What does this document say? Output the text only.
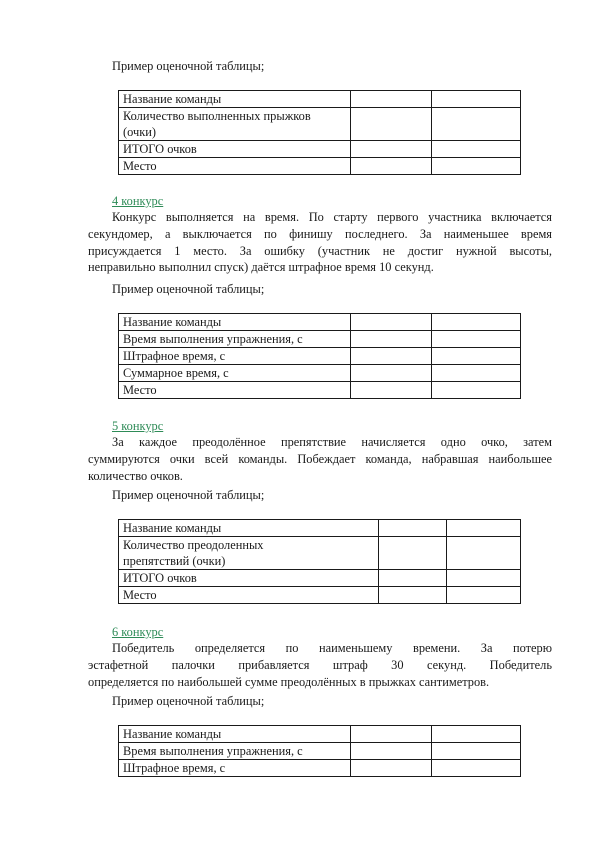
Пример оценочной таблицы;
Название команды		
Количество выполненных прыжков (очки)		
ИТОГО очков		
Место		
4 конкурс
Конкурс выполняется на время. По старту первого участника включается
секундомер, а выключается по финишу последнего. За наименьшее время
присуждается 1 место. За ошибку (участник не достиг нужной высоты,
неправильно выполнил спуск) даётся штрафное время 10 секунд.
Пример оценочной таблицы;
Название команды		
Время выполнения упражнения, с		
Штрафное время, с		
Суммарное время, с		
Место		
5 конкурс
За каждое преодолённое препятствие начисляется одно очко, затем
суммируются очки всей команды. Побеждает команда, набравшая наибольшее
количество очков.
Пример оценочной таблицы;
Название команды		
Количество преодоленных препятствий (очки)		
ИТОГО очков		
Место		
6 конкурс
Победитель определяется по наименьшему времени. За потерю
эстафетной палочки прибавляется штраф 30 секунд. Победитель
определяется по наибольшей сумме преодолённых в прыжках сантиметров.
Пример оценочной таблицы;
Название команды		
Время выполнения упражнения, с		
Штрафное время, с		
